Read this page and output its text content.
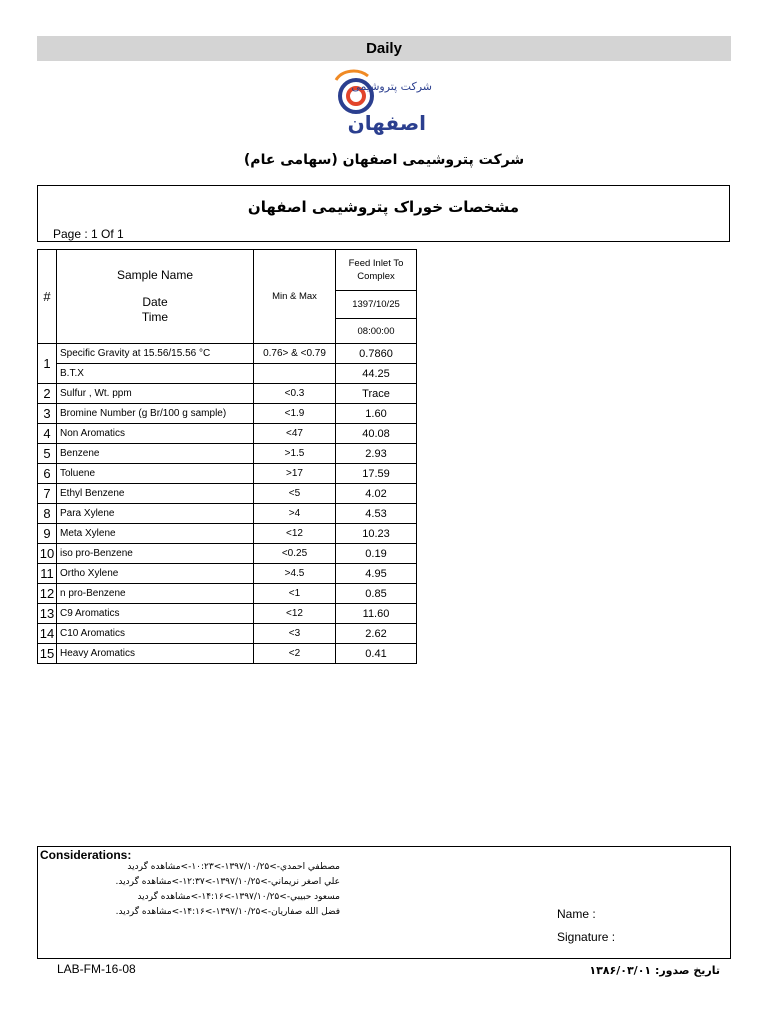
Daily
اصفهان
شرکت پتروشیمی
شرکت پتروشیمی اصفهان (سهامی عام)
مشخصات خوراک پتروشیمی اصفهان
Page : 1 Of 1
#	Sample Name
Date
Time	Min & Max	Feed Inlet To Complex
			1397/10/25
			08:00:00
1	Specific Gravity at 15.56/15.56 °C	0.76> & <0.79	0.7860
	B.T.X		44.25
2	Sulfur , Wt. ppm	<0.3	Trace
3	Bromine Number (g Br/100 g sample)	<1.9	1.60
4	Non Aromatics	<47	40.08
5	Benzene	>1.5	2.93
6	Toluene	>17	17.59
7	Ethyl Benzene	<5	4.02
8	Para Xylene	>4	4.53
9	Meta Xylene	<12	10.23
10	iso pro-Benzene	<0.25	0.19
11	Ortho Xylene	>4.5	4.95
12	n pro-Benzene	<1	0.85
13	C9 Aromatics	<12	11.60
14	C10 Aromatics	<3	2.62
15	Heavy Aromatics	<2	0.41
Considerations:
مصطفي احمدي->۱۳۹۷/۱۰/۲۵->۱۰:۲۳->مشاهده گرديد
علي اصغر نريماني->۱۳۹۷/۱۰/۲۵->۱۲:۳۷->مشاهده گرديد.
مسعود حبيبي->۱۳۹۷/۱۰/۲۵->۱۴:۱۶->مشاهده گرديد
فضل الله صفاريان->۱۳۹۷/۱۰/۲۵->۱۴:۱۶->مشاهده گرديد.	Name :
Signature :
LAB-FM-16-08	تاریخ صدور: ۱۳۸۶/۰۳/۰۱
